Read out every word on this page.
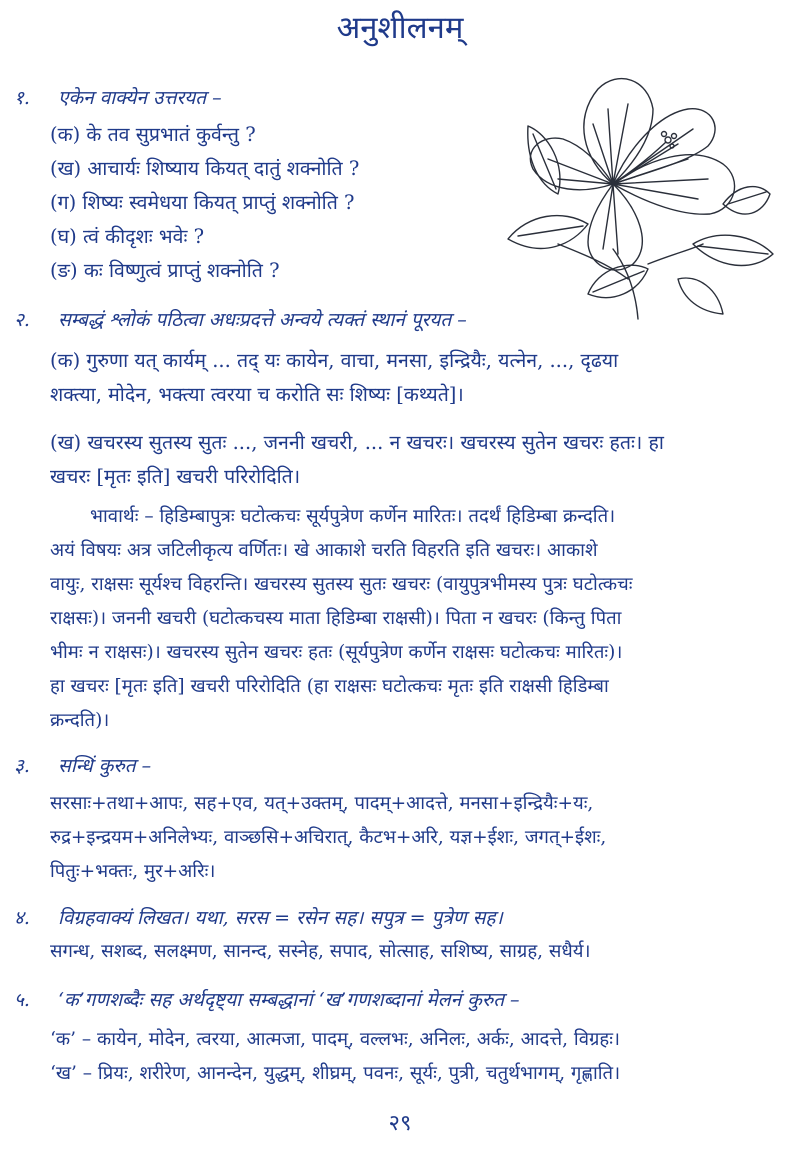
अनुशीलनम्
१. एकेन वाक्येन उत्तरयत –
(क) के तव सुप्रभातं कुर्वन्तु ?
(ख) आचार्यः शिष्याय कियत् दातुं शक्नोति ?
(ग) शिष्यः स्वमेधया कियत् प्राप्तुं शक्नोति ?
(घ) त्वं कीदृशः भवेः ?
(ङ) कः विष्णुत्वं प्राप्तुं शक्नोति ?
२. सम्बद्धं श्लोकं पठित्वा अधःप्रदत्ते अन्वये त्यक्तं स्थानं पूरयत –
(क) गुरुणा यत् कार्यम् ... तद् यः कायेन, वाचा, मनसा, इन्द्रियैः, यत्नेन, ..., दृढया
शक्त्या, मोदेन, भक्त्या त्वरया च करोति सः शिष्यः [कथ्यते]।
(ख) खचरस्य सुतस्य सुतः ..., जननी खचरी, ... न खचरः। खचरस्य सुतेन खचरः हतः। हा
खचरः [मृतः इति] खचरी परिरोदिति।
भावार्थः – हिडिम्बापुत्रः घटोत्कचः सूर्यपुत्रेण कर्णेन मारितः। तदर्थं हिडिम्बा क्रन्दति।
अयं विषयः अत्र जटिलीकृत्य वर्णितः। खे आकाशे चरति विहरति इति खचरः। आकाशे
वायुः, राक्षसः सूर्यश्च विहरन्ति। खचरस्य सुतस्य सुतः खचरः (वायुपुत्रभीमस्य पुत्रः घटोत्कचः
राक्षसः)। जननी खचरी (घटोत्कचस्य माता हिडिम्बा राक्षसी)। पिता न खचरः (किन्तु पिता
भीमः न राक्षसः)। खचरस्य सुतेन खचरः हतः (सूर्यपुत्रेण कर्णेन राक्षसः घटोत्कचः मारितः)।
हा खचरः [मृतः इति] खचरी परिरोदिति (हा राक्षसः घटोत्कचः मृतः इति राक्षसी हिडिम्बा
क्रन्दति)।
३. सन्धिं कुरुत –
सरसाः+तथा+आपः, सह+एव, यत्+उक्तम्, पादम्+आदत्ते, मनसा+इन्द्रियैः+यः,
रुद्र+इन्द्रयम+अनिलेभ्यः, वाञ्छसि+अचिरात्, कैटभ+अरि, यज्ञ+ईशः, जगत्+ईशः,
पितुः+भक्तः, मुर+अरिः।
४. विग्रहवाक्यं लिखत। यथा, सरस = रसेन सह। सपुत्र = पुत्रेण सह।
सगन्ध, सशब्द, सलक्ष्मण, सानन्द, सस्नेह, सपाद, सोत्साह, सशिष्य, साग्रह, सधैर्य।
५. ‘क’गणशब्दैः सह अर्थदृष्ट्या सम्बद्धानां ‘ख’गणशब्दानां मेलनं कुरुत –
‘क’ – कायेन, मोदेन, त्वरया, आत्मजा, पादम्, वल्लभः, अनिलः, अर्कः, आदत्ते, विग्रहः।
‘ख’ – प्रियः, शरीरेण, आनन्देन, युद्धम्, शीघ्रम्, पवनः, सूर्यः, पुत्री, चतुर्थभागम्, गृह्णाति।
२९
